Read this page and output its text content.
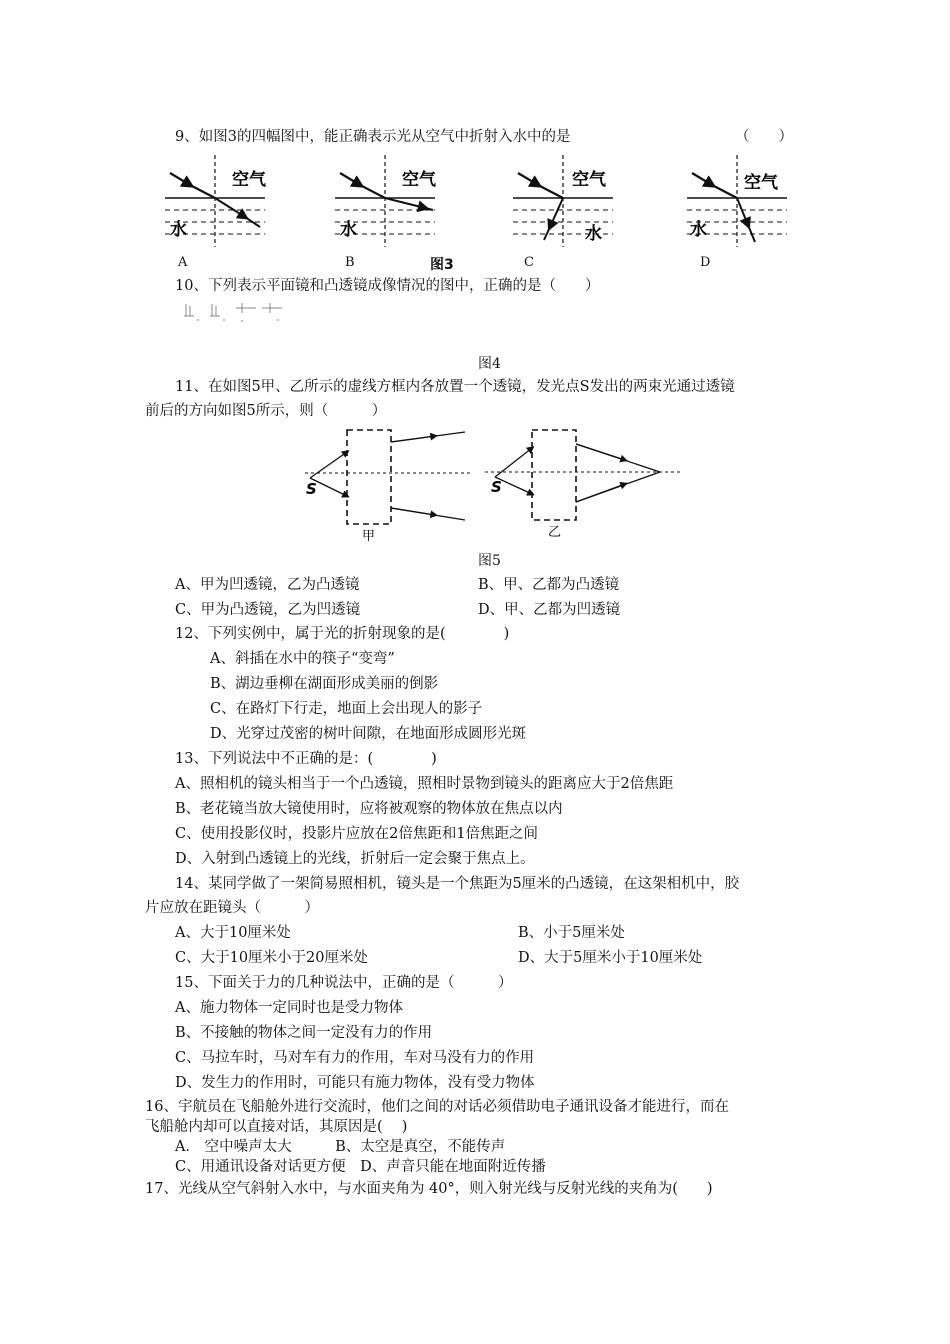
9、如图3的四幅图中，能正确表示光从空气中折射入水中的是	（　　）
空气
水
空气
水
空气
水
空气
水
A	B	图3	C	D
10、下列表示平面镜和凸透镜成像情况的图中，正确的是（　　）
图4
11、在如图5甲、乙所示的虚线方框内各放置一个透镜，发光点S发出的两束光通过透镜
前后的方向如图5所示，则（　　　）
S
甲
S
乙
图5
A、甲为凹透镜，乙为凸透镜	B、甲、乙都为凸透镜
C、甲为凸透镜，乙为凹透镜	D、甲、乙都为凹透镜
12、下列实例中，属于光的折射现象的是(　　　　)
A、斜插在水中的筷子“变弯”
B、湖边垂柳在湖面形成美丽的倒影
C、在路灯下行走，地面上会出现人的影子
D、光穿过茂密的树叶间隙，在地面形成圆形光斑
13、下列说法中不正确的是：(　　　　)
A、照相机的镜头相当于一个凸透镜，照相时景物到镜头的距离应大于2倍焦距
B、老花镜当放大镜使用时，应将被观察的物体放在焦点以内
C、使用投影仪时，投影片应放在2倍焦距和1倍焦距之间
D、入射到凸透镜上的光线，折射后一定会聚于焦点上。
14、某同学做了一架简易照相机，镜头是一个焦距为5厘米的凸透镜，在这架相机中，胶
片应放在距镜头（　　　）
A、大于10厘米处	B、小于5厘米处
C、大于10厘米小于20厘米处	D、大于5厘米小于10厘米处
15、下面关于力的几种说法中，正确的是（　　　）
A、施力物体一定同时也是受力物体
B、不接触的物体之间一定没有力的作用
C、马拉车时，马对车有力的作用，车对马没有力的作用
D、发生力的作用时，可能只有施力物体，没有受力物体
16、宇航员在飞船舱外进行交流时，他们之间的对话必须借助电子通讯设备才能进行，而在
飞船舱内却可以直接对话，其原因是(　 )
A． 空中噪声太大　　　B、太空是真空，不能传声
C、用通讯设备对话更方便　D、声音只能在地面附近传播
17、光线从空气斜射入水中，与水面夹角为 40°，则入射光线与反射光线的夹角为(　　)
